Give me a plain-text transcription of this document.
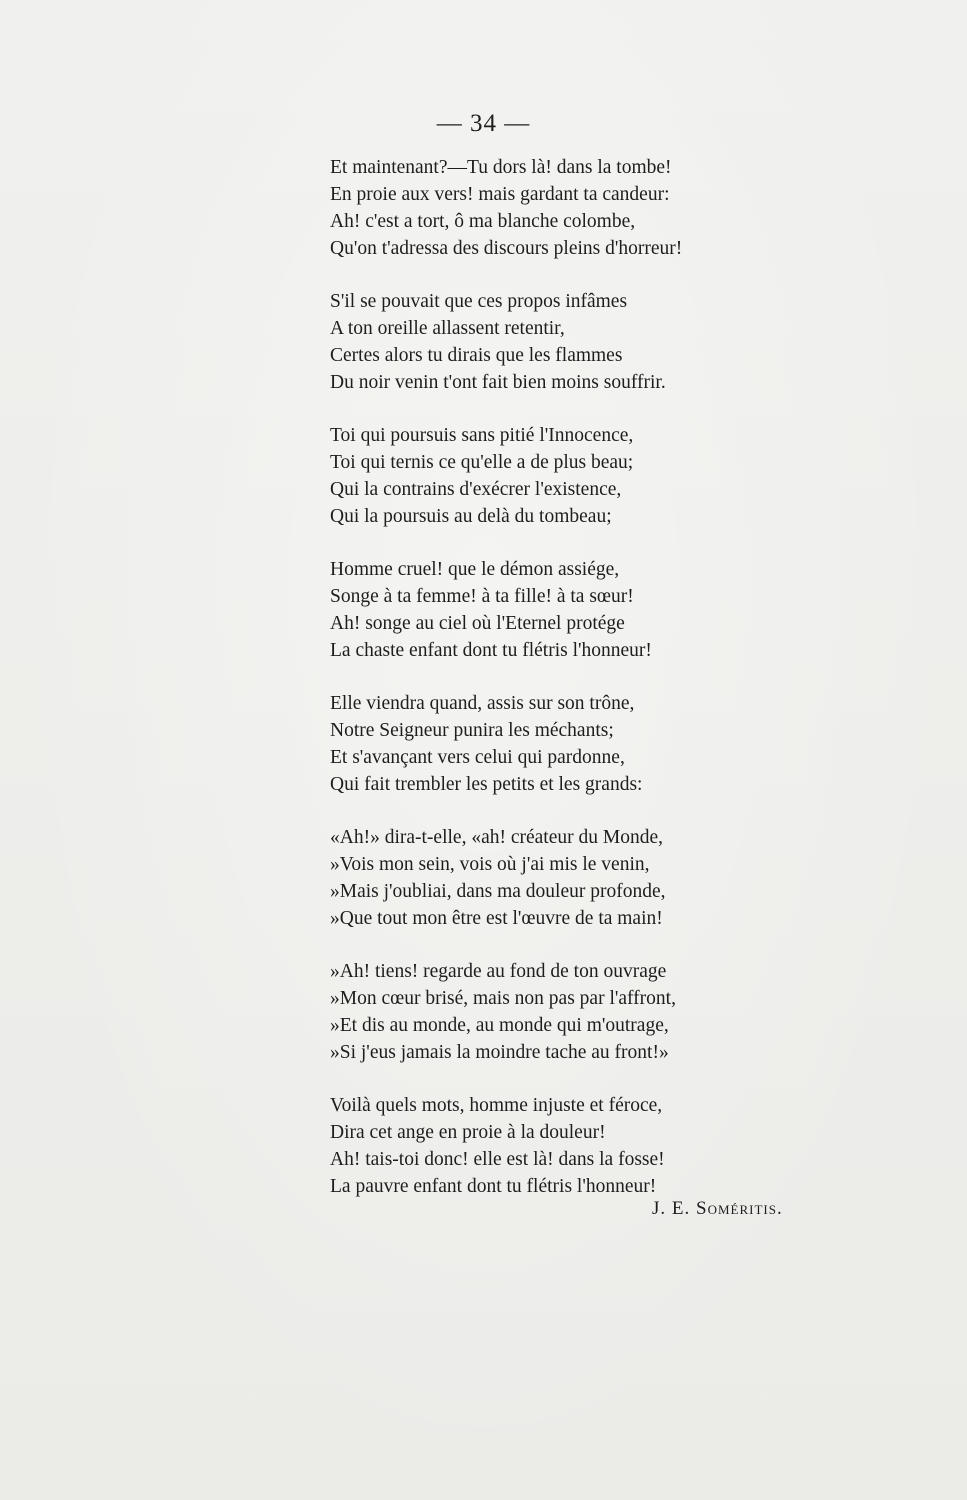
— 34 —
Et maintenant?—Tu dors là! dans la tombe!
En proie aux vers! mais gardant ta candeur:
Ah! c'est a tort, ô ma blanche colombe,
Qu'on t'adressa des discours pleins d'horreur!
S'il se pouvait que ces propos infâmes
A ton oreille allassent retentir,
Certes alors tu dirais que les flammes
Du noir venin t'ont fait bien moins souffrir.
Toi qui poursuis sans pitié l'Innocence,
Toi qui ternis ce qu'elle a de plus beau;
Qui la contrains d'exécrer l'existence,
Qui la poursuis au delà du tombeau;
Homme cruel! que le démon assiége,
Songe à ta femme! à ta fille! à ta sœur!
Ah! songe au ciel où l'Eternel protége
La chaste enfant dont tu flétris l'honneur!
Elle viendra quand, assis sur son trône,
Notre Seigneur punira les méchants;
Et s'avançant vers celui qui pardonne,
Qui fait trembler les petits et les grands:
«Ah!» dira-t-elle, «ah! créateur du Monde,
»Vois mon sein, vois où j'ai mis le venin,
»Mais j'oubliai, dans ma douleur profonde,
»Que tout mon être est l'œuvre de ta main!
»Ah! tiens! regarde au fond de ton ouvrage
»Mon cœur brisé, mais non pas par l'affront,
»Et dis au monde, au monde qui m'outrage,
»Si j'eus jamais la moindre tache au front!»
Voilà quels mots, homme injuste et féroce,
Dira cet ange en proie à la douleur!
Ah! tais-toi donc! elle est là! dans la fosse!
La pauvre enfant dont tu flétris l'honneur!
J. E. Soméritis.
